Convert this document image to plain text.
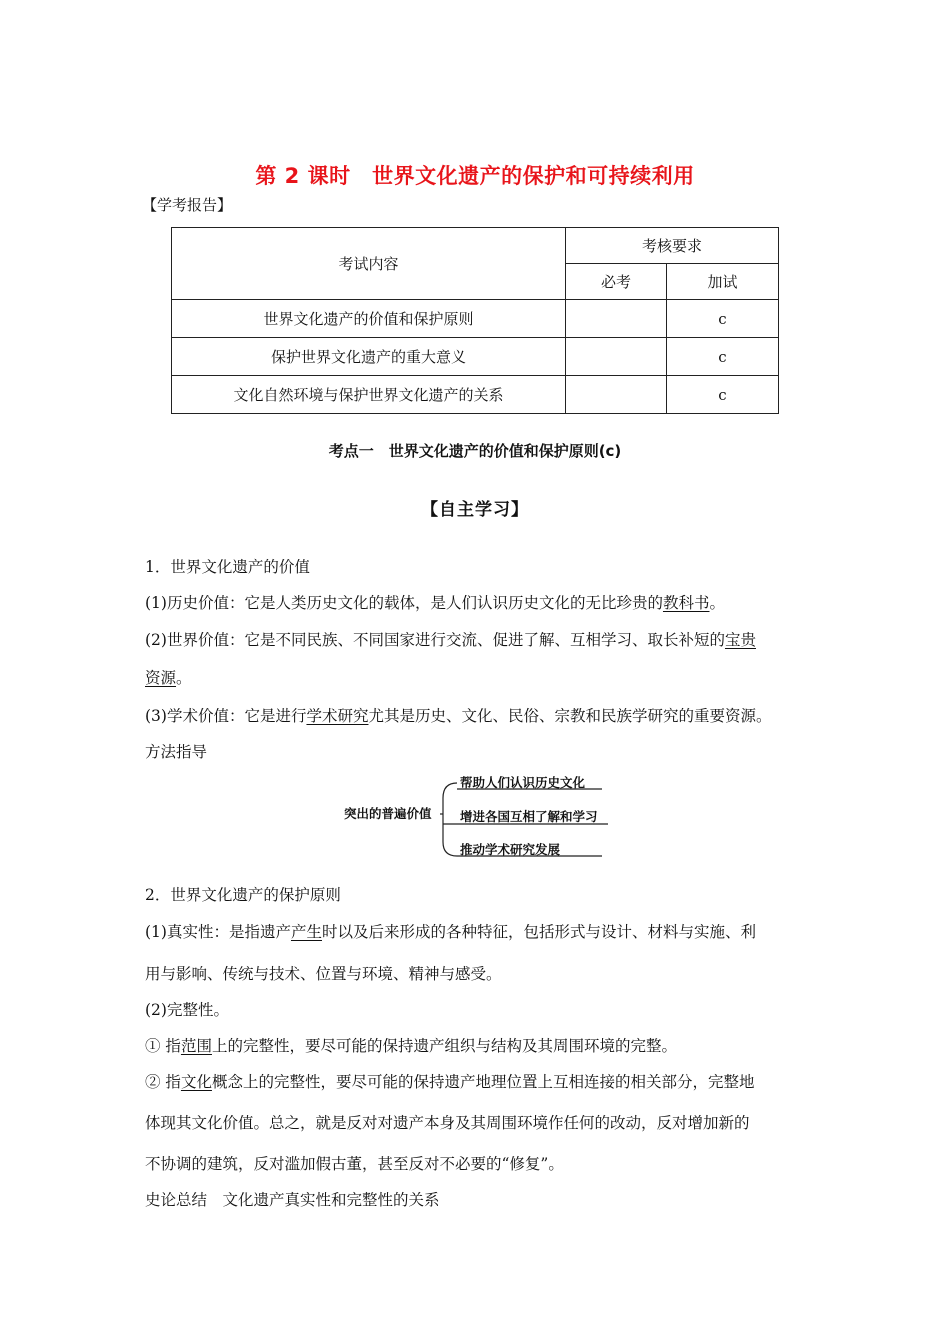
第 2 课时　世界文化遗产的保护和可持续利用
【学考报告】
考试内容	考核要求	
	必考	加试
世界文化遗产的价值和保护原则		c
保护世界文化遗产的重大意义		c
文化自然环境与保护世界文化遗产的关系		c
考点一　世界文化遗产的价值和保护原则(c)
【自主学习】
1．世界文化遗产的价值
(1)历史价值：它是人类历史文化的载体，是人们认识历史文化的无比珍贵的教科书。
(2)世界价值：它是不同民族、不同国家进行交流、促进了解、互相学习、取长补短的宝贵
资源。
(3)学术价值：它是进行学术研究尤其是历史、文化、民俗、宗教和民族学研究的重要资源。
方法指导
突出的普遍价值
帮助人们认识历史文化
增进各国互相了解和学习
推动学术研究发展
2．世界文化遗产的保护原则
(1)真实性：是指遗产产生时以及后来形成的各种特征，包括形式与设计、材料与实施、利
用与影响、传统与技术、位置与环境、精神与感受。
(2)完整性。
① 指范围上的完整性，要尽可能的保持遗产组织与结构及其周围环境的完整。
② 指文化概念上的完整性，要尽可能的保持遗产地理位置上互相连接的相关部分，完整地
体现其文化价值。总之，就是反对对遗产本身及其周围环境作任何的改动，反对增加新的
不协调的建筑，反对滥加假古董，甚至反对不必要的“修复”。
史论总结　文化遗产真实性和完整性的关系
